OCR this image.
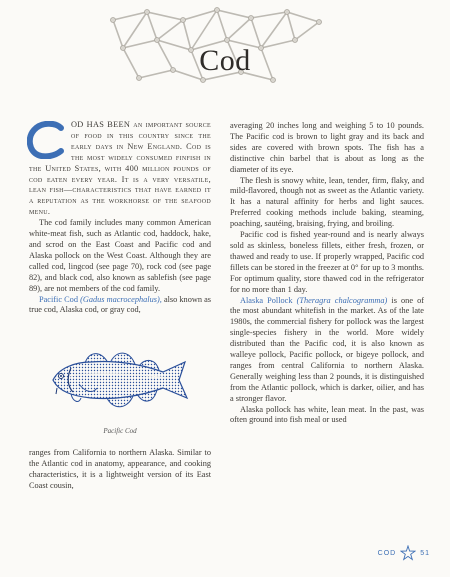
Cod

OD HAS BEEN an important source of food in this country since the early days in New England. Cod is the most widely consumed finfish in the United States, with 400 million pounds of cod eaten every year. It is a very versatile, lean fish—characteristics that have earned it a reputation as the workhorse of the seafood menu.

The cod family includes many common American white-meat fish, such as Atlantic cod, haddock, hake, and scrod on the East Coast and Pacific cod and Alaska pollock on the West Coast. Although they are called cod, lingcod (see page 70), rock cod (see page 82), and black cod, also known as sablefish (see page 89), are not members of the cod family.

Pacific Cod (Gadus macrocephalus), also known as true cod, Alaska cod, or gray cod,

Pacific Cod

ranges from California to northern Alaska. Similar to the Atlantic cod in anatomy, appearance, and cooking characteristics, it is a lightweight version of its East Coast cousin,

averaging 20 inches long and weighing 5 to 10 pounds. The Pacific cod is brown to light gray and its back and sides are covered with brown spots. The fish has a distinctive chin barbel that is about as long as the diameter of its eye.

The flesh is snowy white, lean, tender, firm, flaky, and mild-flavored, though not as sweet as the Atlantic variety. It has a natural affinity for herbs and light sauces. Preferred cooking methods include baking, steaming, poaching, sautéing, braising, frying, and broiling.

Pacific cod is fished year-round and is nearly always sold as skinless, boneless fillets, either fresh, frozen, or thawed and ready to use. If properly wrapped, Pacific cod fillets can be stored in the freezer at 0° for up to 3 months. For optimum quality, store thawed cod in the refrigerator for no more than 1 day.

Alaska Pollock (Theragra chalcogramma) is one of the most abundant whitefish in the market. As of the late 1980s, the commercial fishery for pollock was the largest single-species fishery in the world. More widely distributed than the Pacific cod, it is also known as walleye pollock, Pacific pollock, or bigeye pollock, and ranges from central California to northern Alaska. Generally weighing less than 2 pounds, it is distinguished from the Atlantic pollock, which is darker, oilier, and has a stronger flavor.

Alaska pollock has white, lean meat. In the past, was often ground into fish meal or used

COD	51
